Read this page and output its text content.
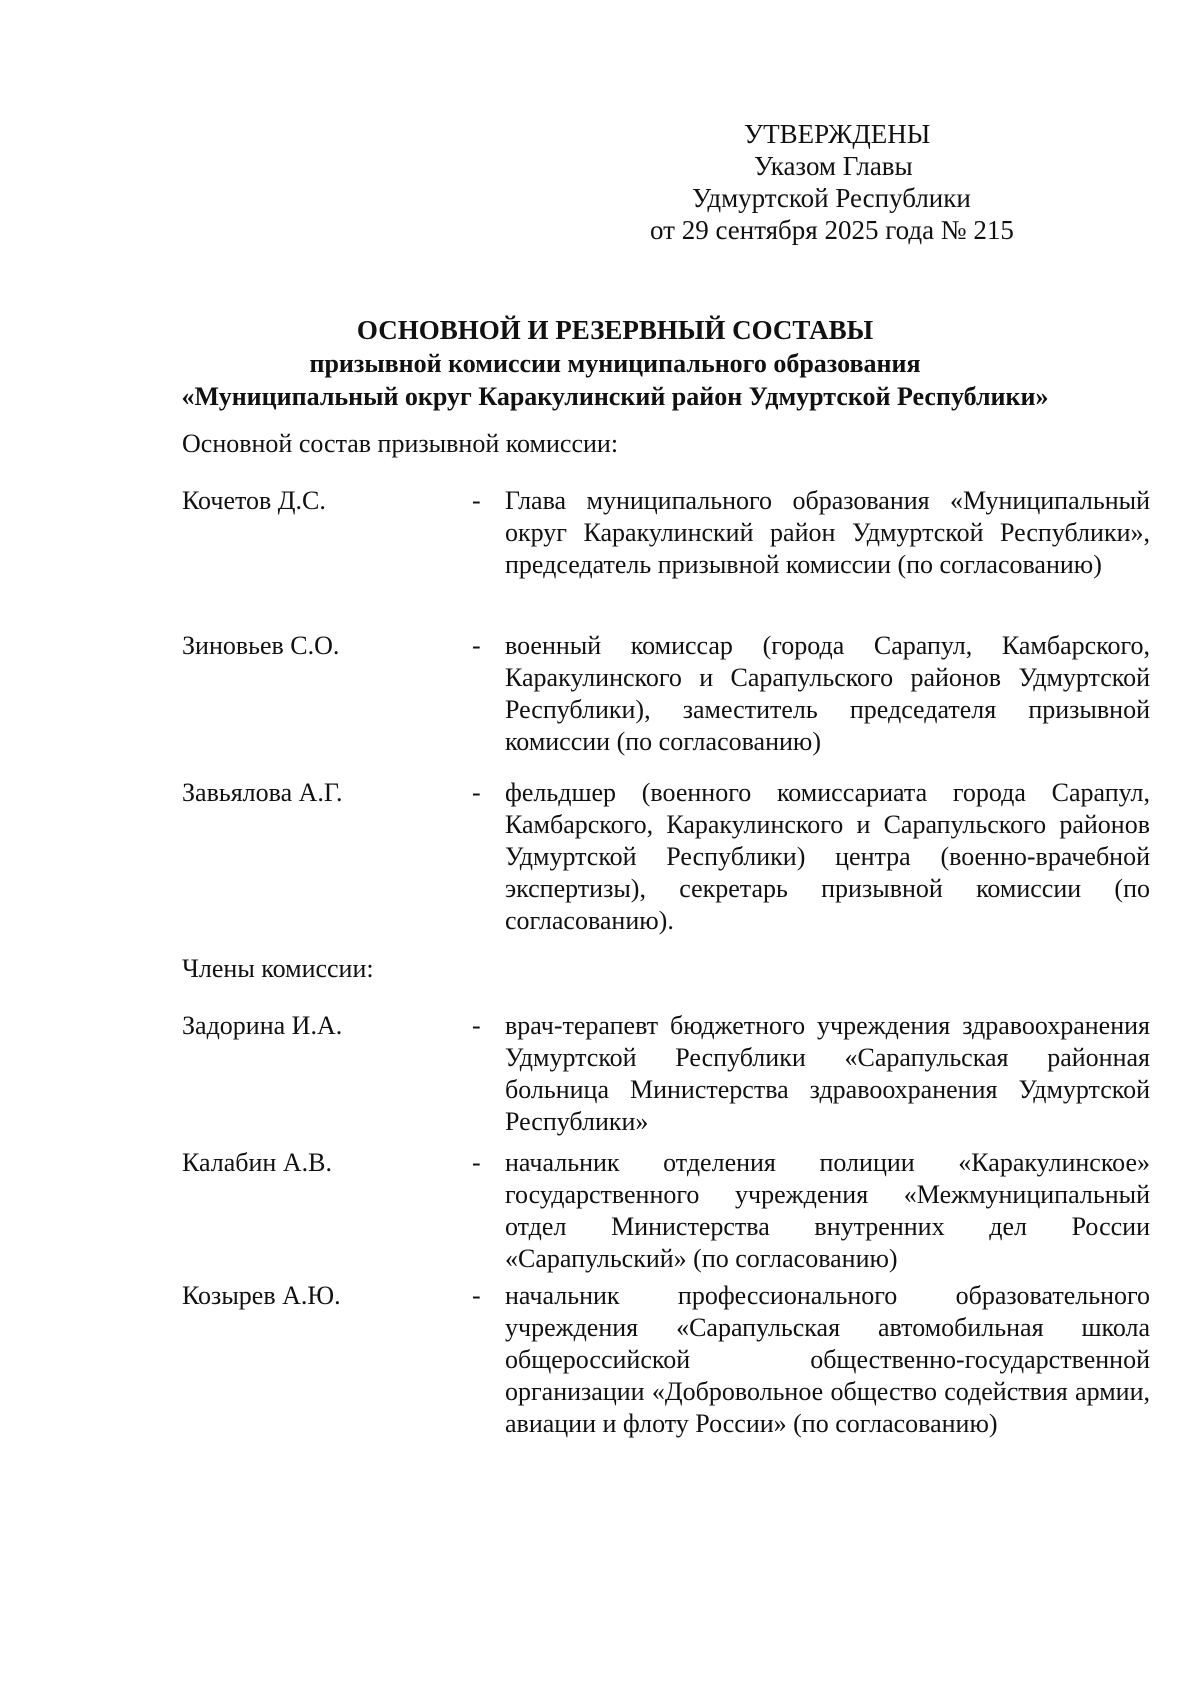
УТВЕРЖДЕНЫ
Указом Главы
Удмуртской Республики
от 29 сентября 2025 года № 215
ОСНОВНОЙ И РЕЗЕРВНЫЙ СОСТАВЫ
призывной комиссии муниципального образования
«Муниципальный округ Каракулинский район Удмуртской Республики»
Основной состав призывной комиссии:
Кочетов Д.С.	- Глава муниципального образования «Муниципальный округ Каракулинский район Удмуртской Республики», председатель призывной комиссии (по согласованию)
Зиновьев С.О.	- военный комиссар (города Сарапул, Камбарского, Каракулинского и Сарапульского районов Удмуртской Республики), заместитель председателя призывной комиссии (по согласованию)
Завьялова А.Г.	- фельдшер (военного комиссариата города Сарапул, Камбарского, Каракулинского и Сарапульского районов Удмуртской Республики) центра (военно-врачебной экспертизы), секретарь призывной комиссии (по согласованию).
Члены комиссии:
Задорина И.А.	- врач-терапевт бюджетного учреждения здравоохранения Удмуртской Республики «Сарапульская районная больница Министерства здравоохранения Удмуртской Республики»
Калабин А.В.	- начальник отделения полиции «Каракулинское» государственного учреждения «Межмуниципальный отдел Министерства внутренних дел России «Сарапульский» (по согласованию)
Козырев А.Ю.	- начальник профессионального образовательного учреждения «Сарапульская автомобильная школа общероссийской общественно-государственной организации «Добровольное общество содействия армии, авиации и флоту России» (по согласованию)
